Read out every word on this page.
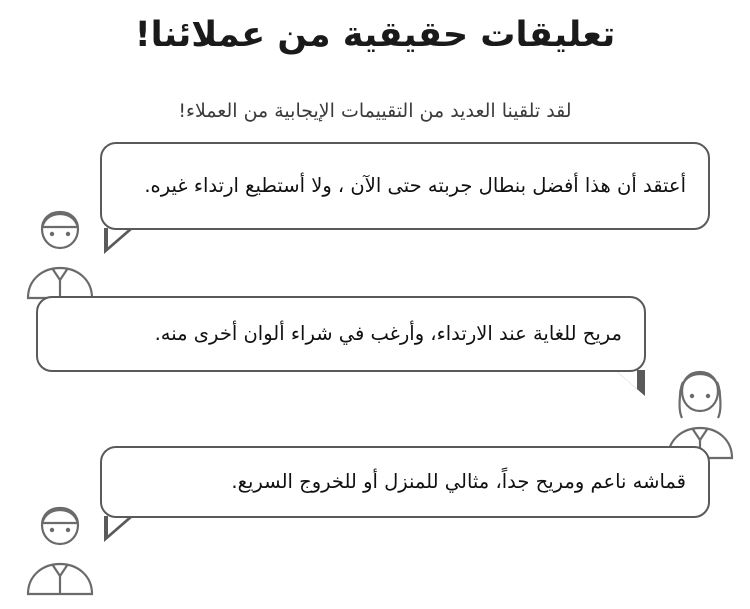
تعليقات حقيقية من عملائنا!
لقد تلقينا العديد من التقييمات الإيجابية من العملاء!
أعتقد أن هذا أفضل بنطال جربته حتى الآن ، ولا أستطيع ارتداء غيره.
مريح للغاية عند الارتداء، وأرغب في شراء ألوان أخرى منه.
قماشه ناعم ومريح جداً، مثالي للمنزل أو للخروج السريع.
